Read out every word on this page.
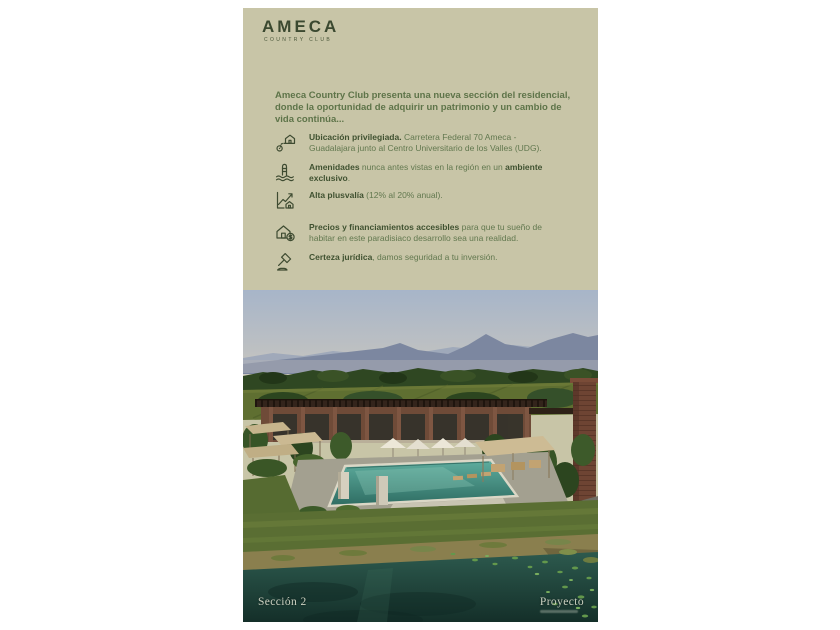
AMECA
COUNTRY CLUB
Ameca Country Club presenta una nueva sección del residencial, donde la oportunidad de adquirir un patrimonio y un cambio de vida continúa...
Ubicación privilegiada. Carretera Federal 70 Ameca - Guadalajara junto al Centro Universitario de los Valles (UDG).
Amenidades nunca antes vistas en la región en un ambiente exclusivo.
Alta plusvalía (12% al 20% anual).
Precios y financiamientos accesibles para que tu sueño de habitar en este paradisiaco desarrollo sea una realidad.
Certeza jurídica, damos seguridad a tu inversión.
Sección 2	Proyecto
